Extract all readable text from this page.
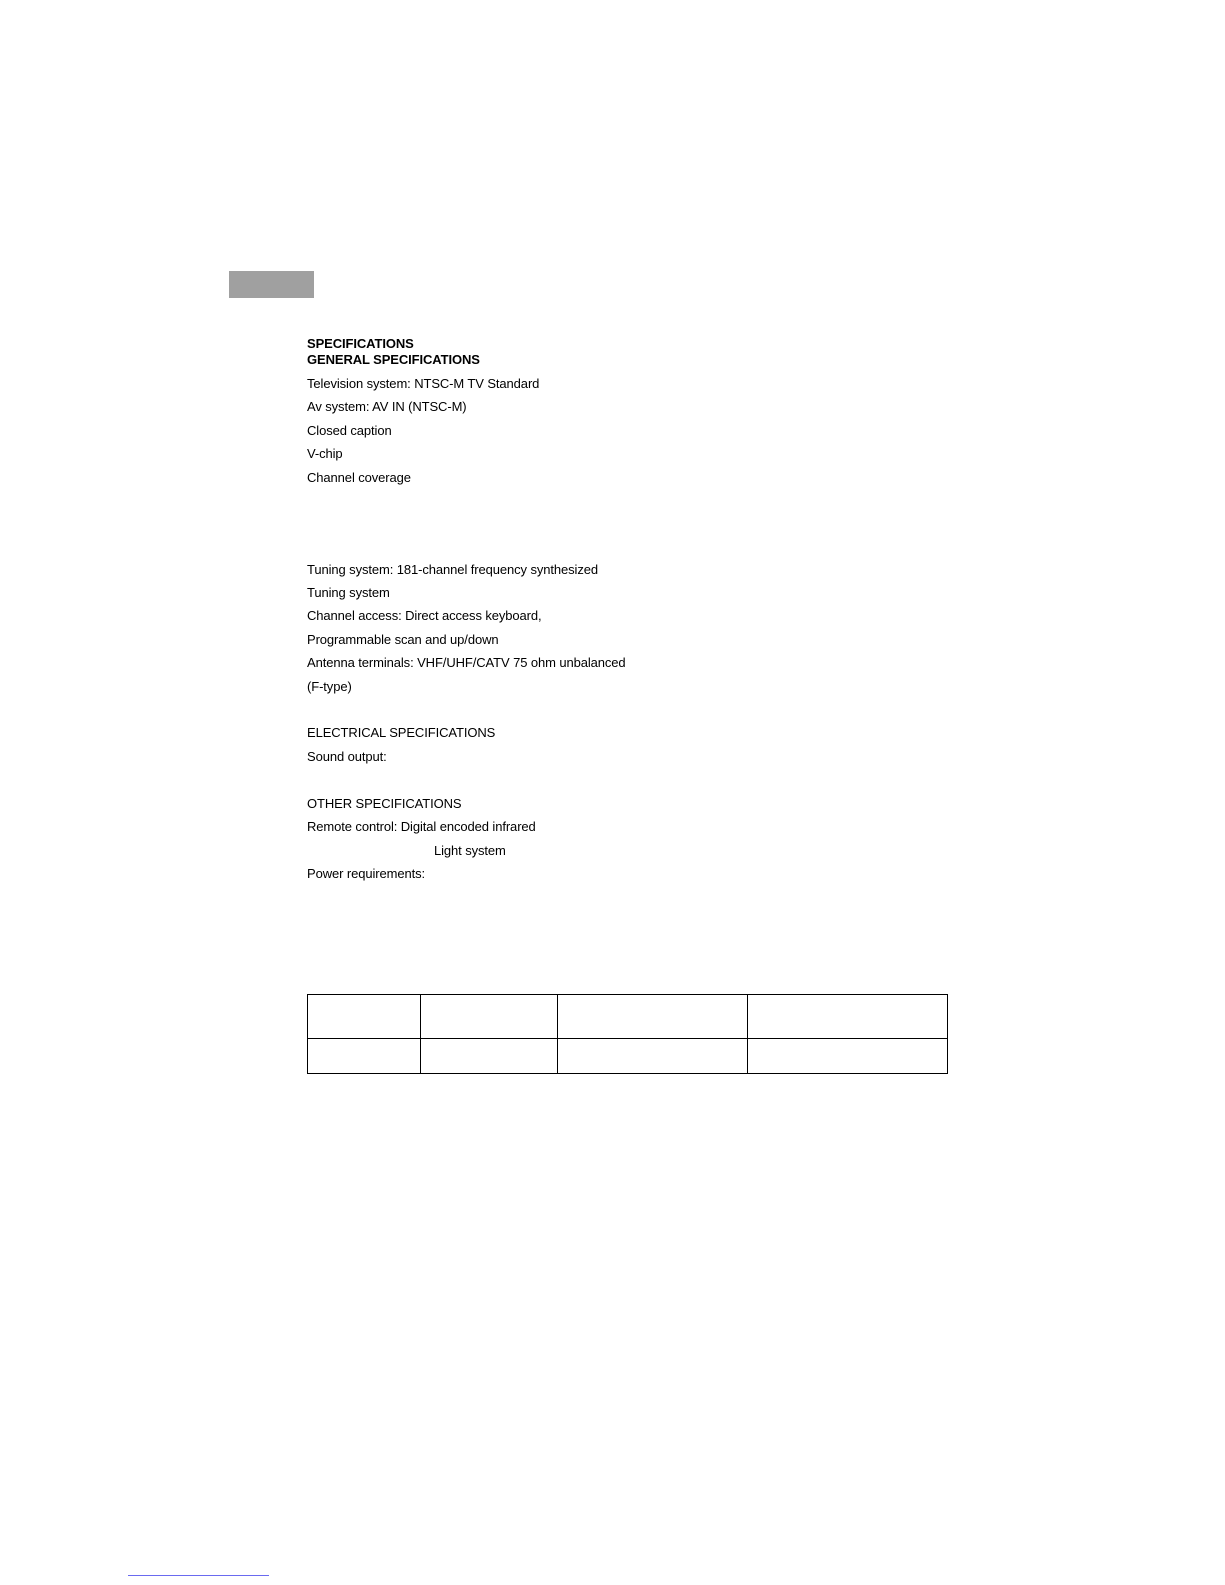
SPECIFICATIONS
GENERAL SPECIFICATIONS
Television system: NTSC-M TV Standard
Av system: AV IN (NTSC-M)
Closed caption
V-chip
Channel coverage
Tuning system: 181-channel frequency synthesized
Tuning system
Channel access: Direct access keyboard,
Programmable scan and up/down
Antenna terminals: VHF/UHF/CATV 75 ohm unbalanced
(F-type)
ELECTRICAL SPECIFICATIONS
Sound output:
OTHER SPECIFICATIONS
Remote control: Digital encoded infrared
Light system
Power requirements:
